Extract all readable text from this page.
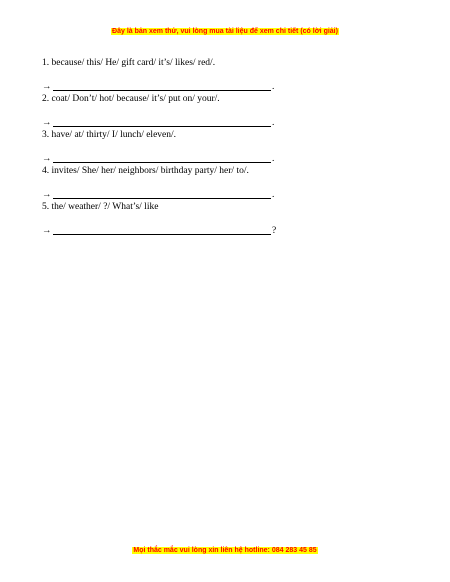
Đây là bản xem thử, vui lòng mua tài liệu để xem chi tiết (có lời giải)
1. because/ this/ He/ gift card/ it’s/ likes/ red/.
→	.
2. coat/ Don’t/ hot/ because/ it’s/ put on/ your/.
→	.
3. have/ at/ thirty/ I/ lunch/ eleven/.
→	.
4. invites/ She/ her/ neighbors/ birthday party/ her/ to/.
→	.
5. the/ weather/ ?/ What’s/ like
→	?
Mọi thắc mắc vui lòng xin liên hệ hotline: 084 283 45 85
